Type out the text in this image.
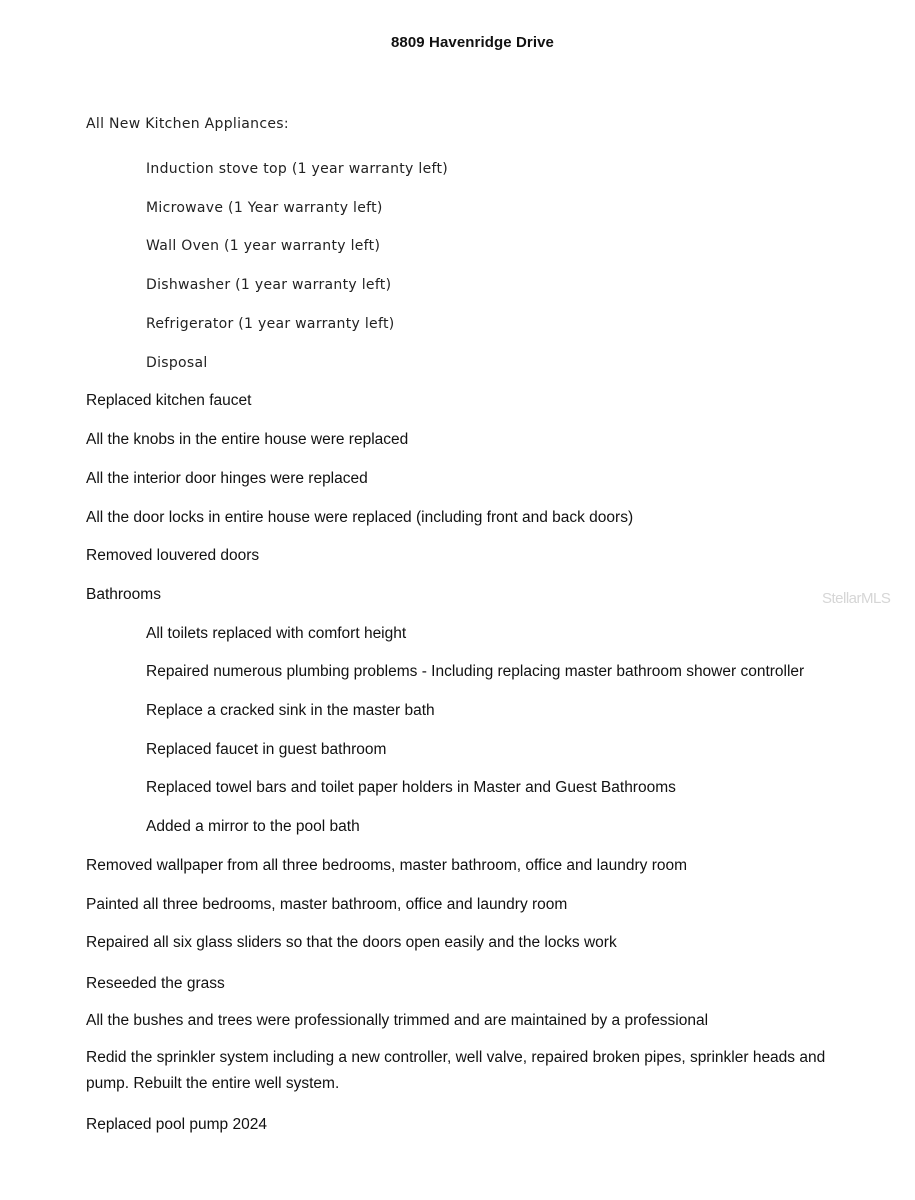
8809 Havenridge Drive
All New Kitchen Appliances:
Induction stove top (1 year warranty left)
Microwave (1 Year warranty left)
Wall Oven (1 year warranty left)
Dishwasher (1 year warranty left)
Refrigerator (1 year warranty left)
Disposal
Replaced kitchen faucet
All the knobs in the entire house were replaced
All the interior door hinges were replaced
All the door locks in entire house were replaced (including front and back doors)
Removed louvered doors
Bathrooms
All toilets replaced with comfort height
Repaired numerous plumbing problems - Including replacing master bathroom shower controller
Replace a cracked sink in the master bath
Replaced faucet in guest bathroom
Replaced towel bars and toilet paper holders in Master and Guest Bathrooms
Added a mirror to the pool bath
Removed wallpaper from all three bedrooms, master bathroom, office and laundry room
Painted all three bedrooms, master bathroom, office and laundry room
Repaired all six glass sliders so that the doors open easily and the locks work
Reseeded the grass
All the bushes and trees were professionally trimmed and are maintained by a professional
Redid the sprinkler system including a new controller, well valve, repaired broken pipes, sprinkler heads and pump. Rebuilt the entire well system.
Replaced pool pump 2024
StellarMLS
